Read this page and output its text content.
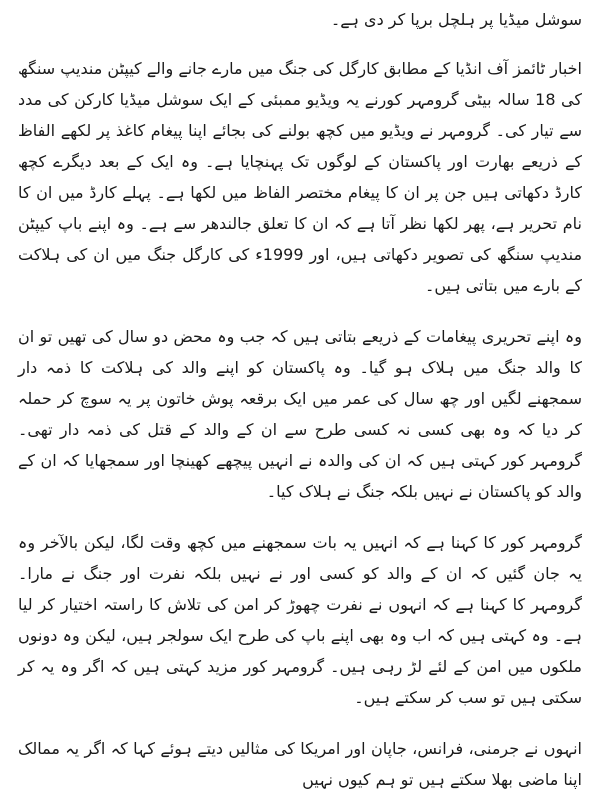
سوشل میڈیا پر ہلچل برپا کر دی ہے۔

اخبار ٹائمز آف انڈیا کے مطابق کارگل کی جنگ میں مارے جانے والے کیپٹن مندیپ سنگھ کی 18 سالہ بیٹی گرومہر کورنے یہ ویڈیو ممبئی کے ایک سوشل میڈیا کارکن کی مدد سے تیار کی۔ گرومہر نے ویڈیو میں کچھ بولنے کی بجائے اپنا پیغام کاغذ پر لکھے الفاظ کے ذریعے بھارت اور پاکستان کے لوگوں تک پہنچایا ہے۔ وہ ایک کے بعد دیگرے کچھ کارڈ دکھاتی ہیں جن پر ان کا پیغام مختصر الفاظ میں لکھا ہے۔ پہلے کارڈ میں ان کا نام تحریر ہے، پھر لکھا نظر آتا ہے کہ ان کا تعلق جالندھر سے ہے۔ وہ اپنے باپ کیپٹن مندیپ سنگھ کی تصویر دکھاتی ہیں، اور 1999ء کی کارگل جنگ میں ان کی ہلاکت کے بارے میں بتاتی ہیں۔

وہ اپنے تحریری پیغامات کے ذریعے بتاتی ہیں کہ جب وہ محض دو سال کی تھیں تو ان کا والد جنگ میں ہلاک ہو گیا۔ وہ پاکستان کو اپنے والد کی ہلاکت کا ذمہ دار سمجھنے لگیں اور چھ سال کی عمر میں ایک برقعہ پوش خاتون پر یہ سوچ کر حملہ کر دیا کہ وہ بھی کسی نہ کسی طرح سے ان کے والد کے قتل کی ذمہ دار تھی۔ گرومہر کور کہتی ہیں کہ ان کی والدہ نے انہیں پیچھے کھینچا اور سمجھایا کہ ان کے والد کو پاکستان نے نہیں بلکہ جنگ نے ہلاک کیا۔

گرومہر کور کا کہنا ہے کہ انہیں یہ بات سمجھنے میں کچھ وقت لگا، لیکن بالآخر وہ یہ جان گئیں کہ ان کے والد کو کسی اور نے نہیں بلکہ نفرت اور جنگ نے مارا۔ گرومہر کا کہنا ہے کہ انہوں نے نفرت چھوڑ کر امن کی تلاش کا راستہ اختیار کر لیا ہے۔ وہ کہتی ہیں کہ اب وہ بھی اپنے باپ کی طرح ایک سولجر ہیں، لیکن وہ دونوں ملکوں میں امن کے لئے لڑ رہی ہیں۔ گرومہر کور مزید کہتی ہیں کہ اگر وہ یہ کر سکتی ہیں تو سب کر سکتے ہیں۔

انہوں نے جرمنی، فرانس، جاپان اور امریکا کی مثالیں دیتے ہوئے کہا کہ اگر یہ ممالک اپنا ماضی بھلا سکتے ہیں تو ہم کیوں نہیں
